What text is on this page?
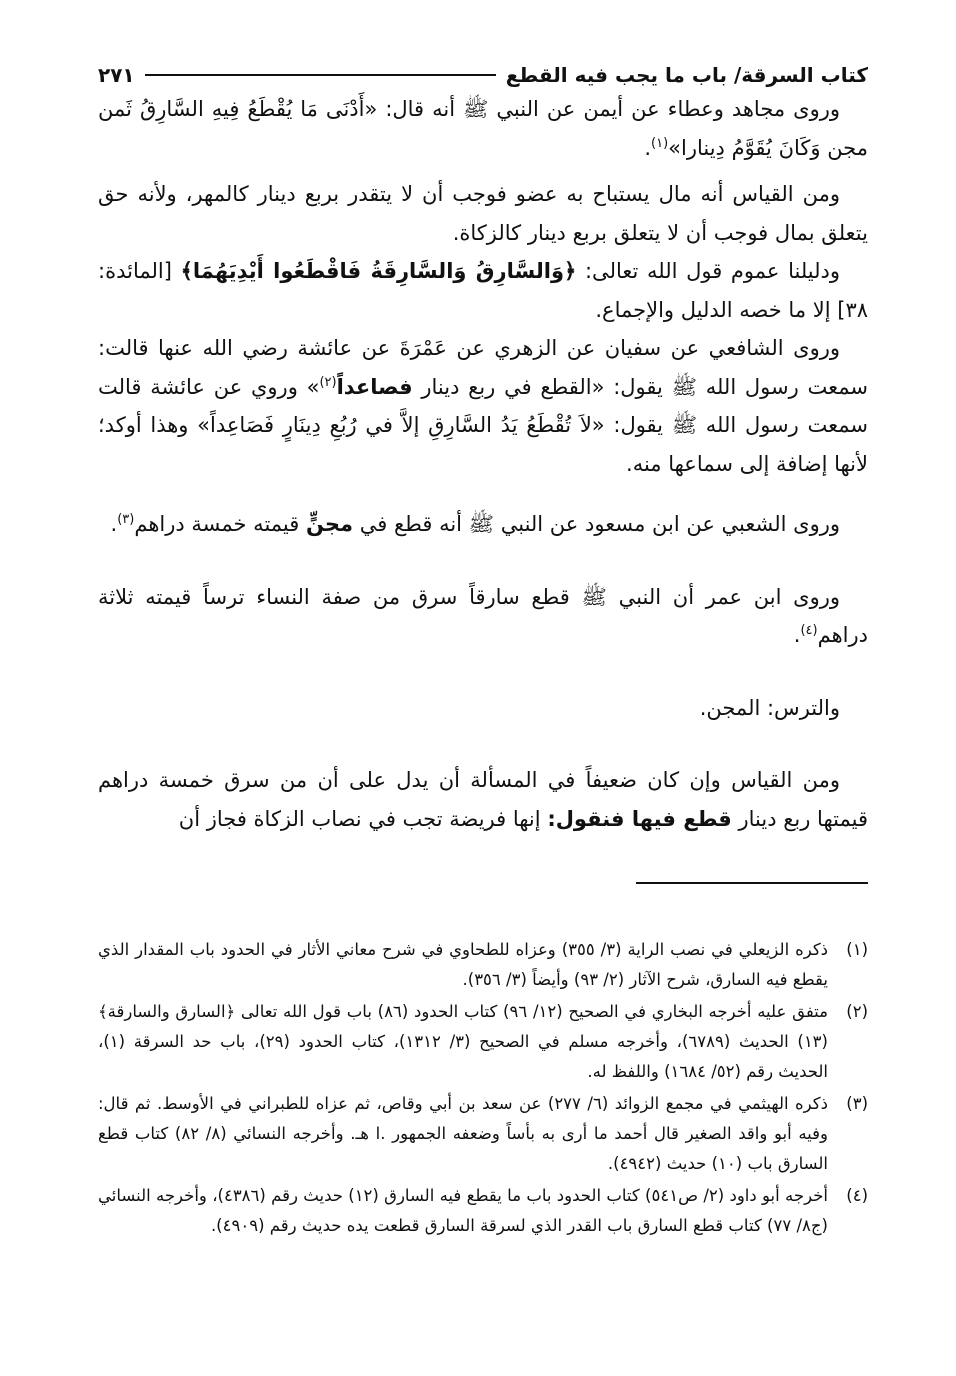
كتاب السرقة/ باب ما يجب فيه القطع
٢٧١

وروى مجاهد وعطاء عن أيمن عن النبي ﷺ أنه قال: «أَدْنَى مَا يُقْطَعُ فِيهِ السَّارِقُ ثَمن مجن وَكَانَ يُقَوَّمُ دِينارا»$^{(١)}$.

ومن القياس أنه مال يستباح به عضو فوجب أن لا يتقدر بربع دينار كالمهر، ولأنه حق يتعلق بمال فوجب أن لا يتعلق بربع دينار كالزكاة.

ودليلنا عموم قول الله تعالى: ﴿وَالسَّارِقُ وَالسَّارِقَةُ فَاقْطَعُوا أَيْدِيَهُمَا﴾ [المائدة: ٣٨] إلا ما خصه الدليل والإجماع.

وروى الشافعي عن سفيان عن الزهري عن عَمْرَةَ عن عائشة رضي الله عنها قالت: سمعت رسول الله ﷺ يقول: «القطع في ربع دينار فصاعداً$^{(٢)}$» وروي عن عائشة قالت سمعت رسول الله ﷺ يقول: «لاَ تُقْطَعُ يَدُ السَّارِقِ إلاَّ في رُبُعِ دِينَارٍ فَصَاعِداً» وهذا أوكد؛ لأنها إضافة إلى سماعها منه.

وروى الشعبي عن ابن مسعود عن النبي ﷺ أنه قطع في مجنٍّ قيمته خمسة دراهم$^{(٣)}$.

وروى ابن عمر أن النبي ﷺ قطع سارقاً سرق من صفة النساء ترساً قيمته ثلاثة دراهم$^{(٤)}$.

والترس: المجن.

ومن القياس وإن كان ضعيفاً في المسألة أن يدل على أن من سرق خمسة دراهم قيمتها ربع دينار قطع فيها فنقول: إنها فريضة تجب في نصاب الزكاة فجاز أن

(١)
ذكره الزيعلي في نصب الراية (٣/ ٣٥٥) وعزاه للطحاوي في شرح معاني الأثار في الحدود باب المقدار الذي يقطع فيه السارق، شرح الآثار (٢/ ٩٣) وأيضاً (٣/ ٣٥٦).
(٢)
متفق عليه أخرجه البخاري في الصحيح (١٢/ ٩٦) كتاب الحدود (٨٦) باب قول الله تعالى ﴿السارق والسارقة﴾ (١٣) الحديث (٦٧٨٩)، وأخرجه مسلم في الصحيح (٣/ ١٣١٢)، كتاب الحدود (٢٩)، باب حد السرقة (١)، الحديث رقم (٥٢/ ١٦٨٤) واللفظ له.
(٣)
ذكره الهيثمي في مجمع الزوائد (٦/ ٢٧٧) عن سعد بن أبي وقاص، ثم عزاه للطبراني في الأوسط. ثم قال: وفيه أبو واقد الصغير قال أحمد ما أرى به بأساً وضعفه الجمهور .ا هـ. وأخرجه النسائي (٨/ ٨٢) كتاب قطع السارق باب (١٠) حديث (٤٩٤٢).
(٤)
أخرجه أبو داود (٢/ ص٥٤١) كتاب الحدود باب ما يقطع فيه السارق (١٢) حديث رقم (٤٣٨٦)، وأخرجه النسائي (ج٨/ ٧٧) كتاب قطع السارق باب القدر الذي لسرقة السارق قطعت يده حديث رقم (٤٩٠٩).
